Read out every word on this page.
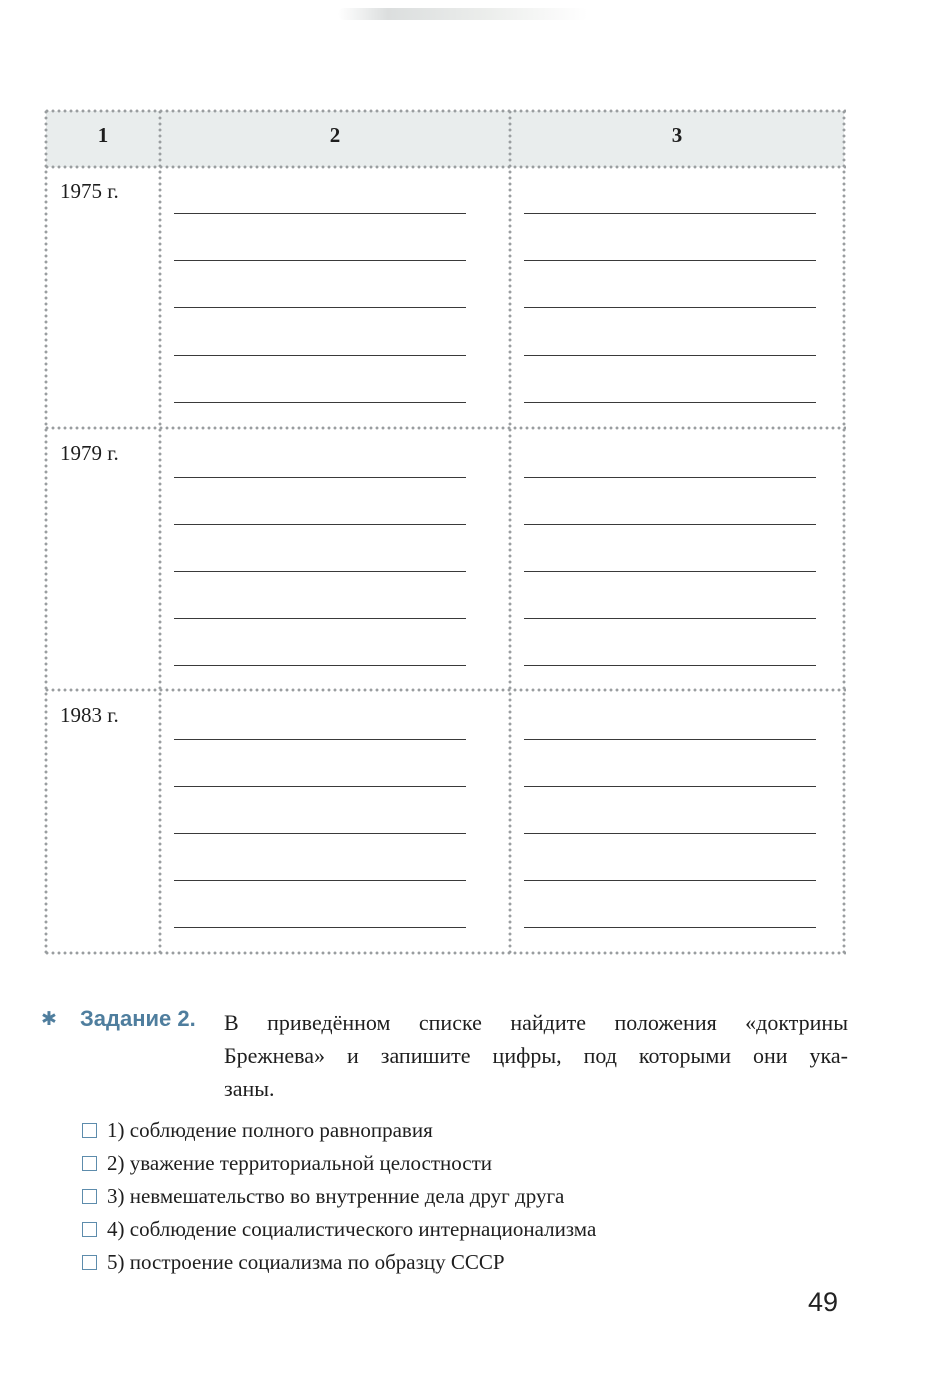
1	2	3
1975 г.
1979 г.
1983 г.
✱ Задание 2. В приведённом списке найдите положения «доктрины
Брежнева» и запишите цифры, под которыми они ука-
заны.
1) соблюдение полного равноправия
2) уважение территориальной целостности
3) невмешательство во внутренние дела друг друга
4) соблюдение социалистического интернационализма
5) построение социализма по образцу СССР
49
